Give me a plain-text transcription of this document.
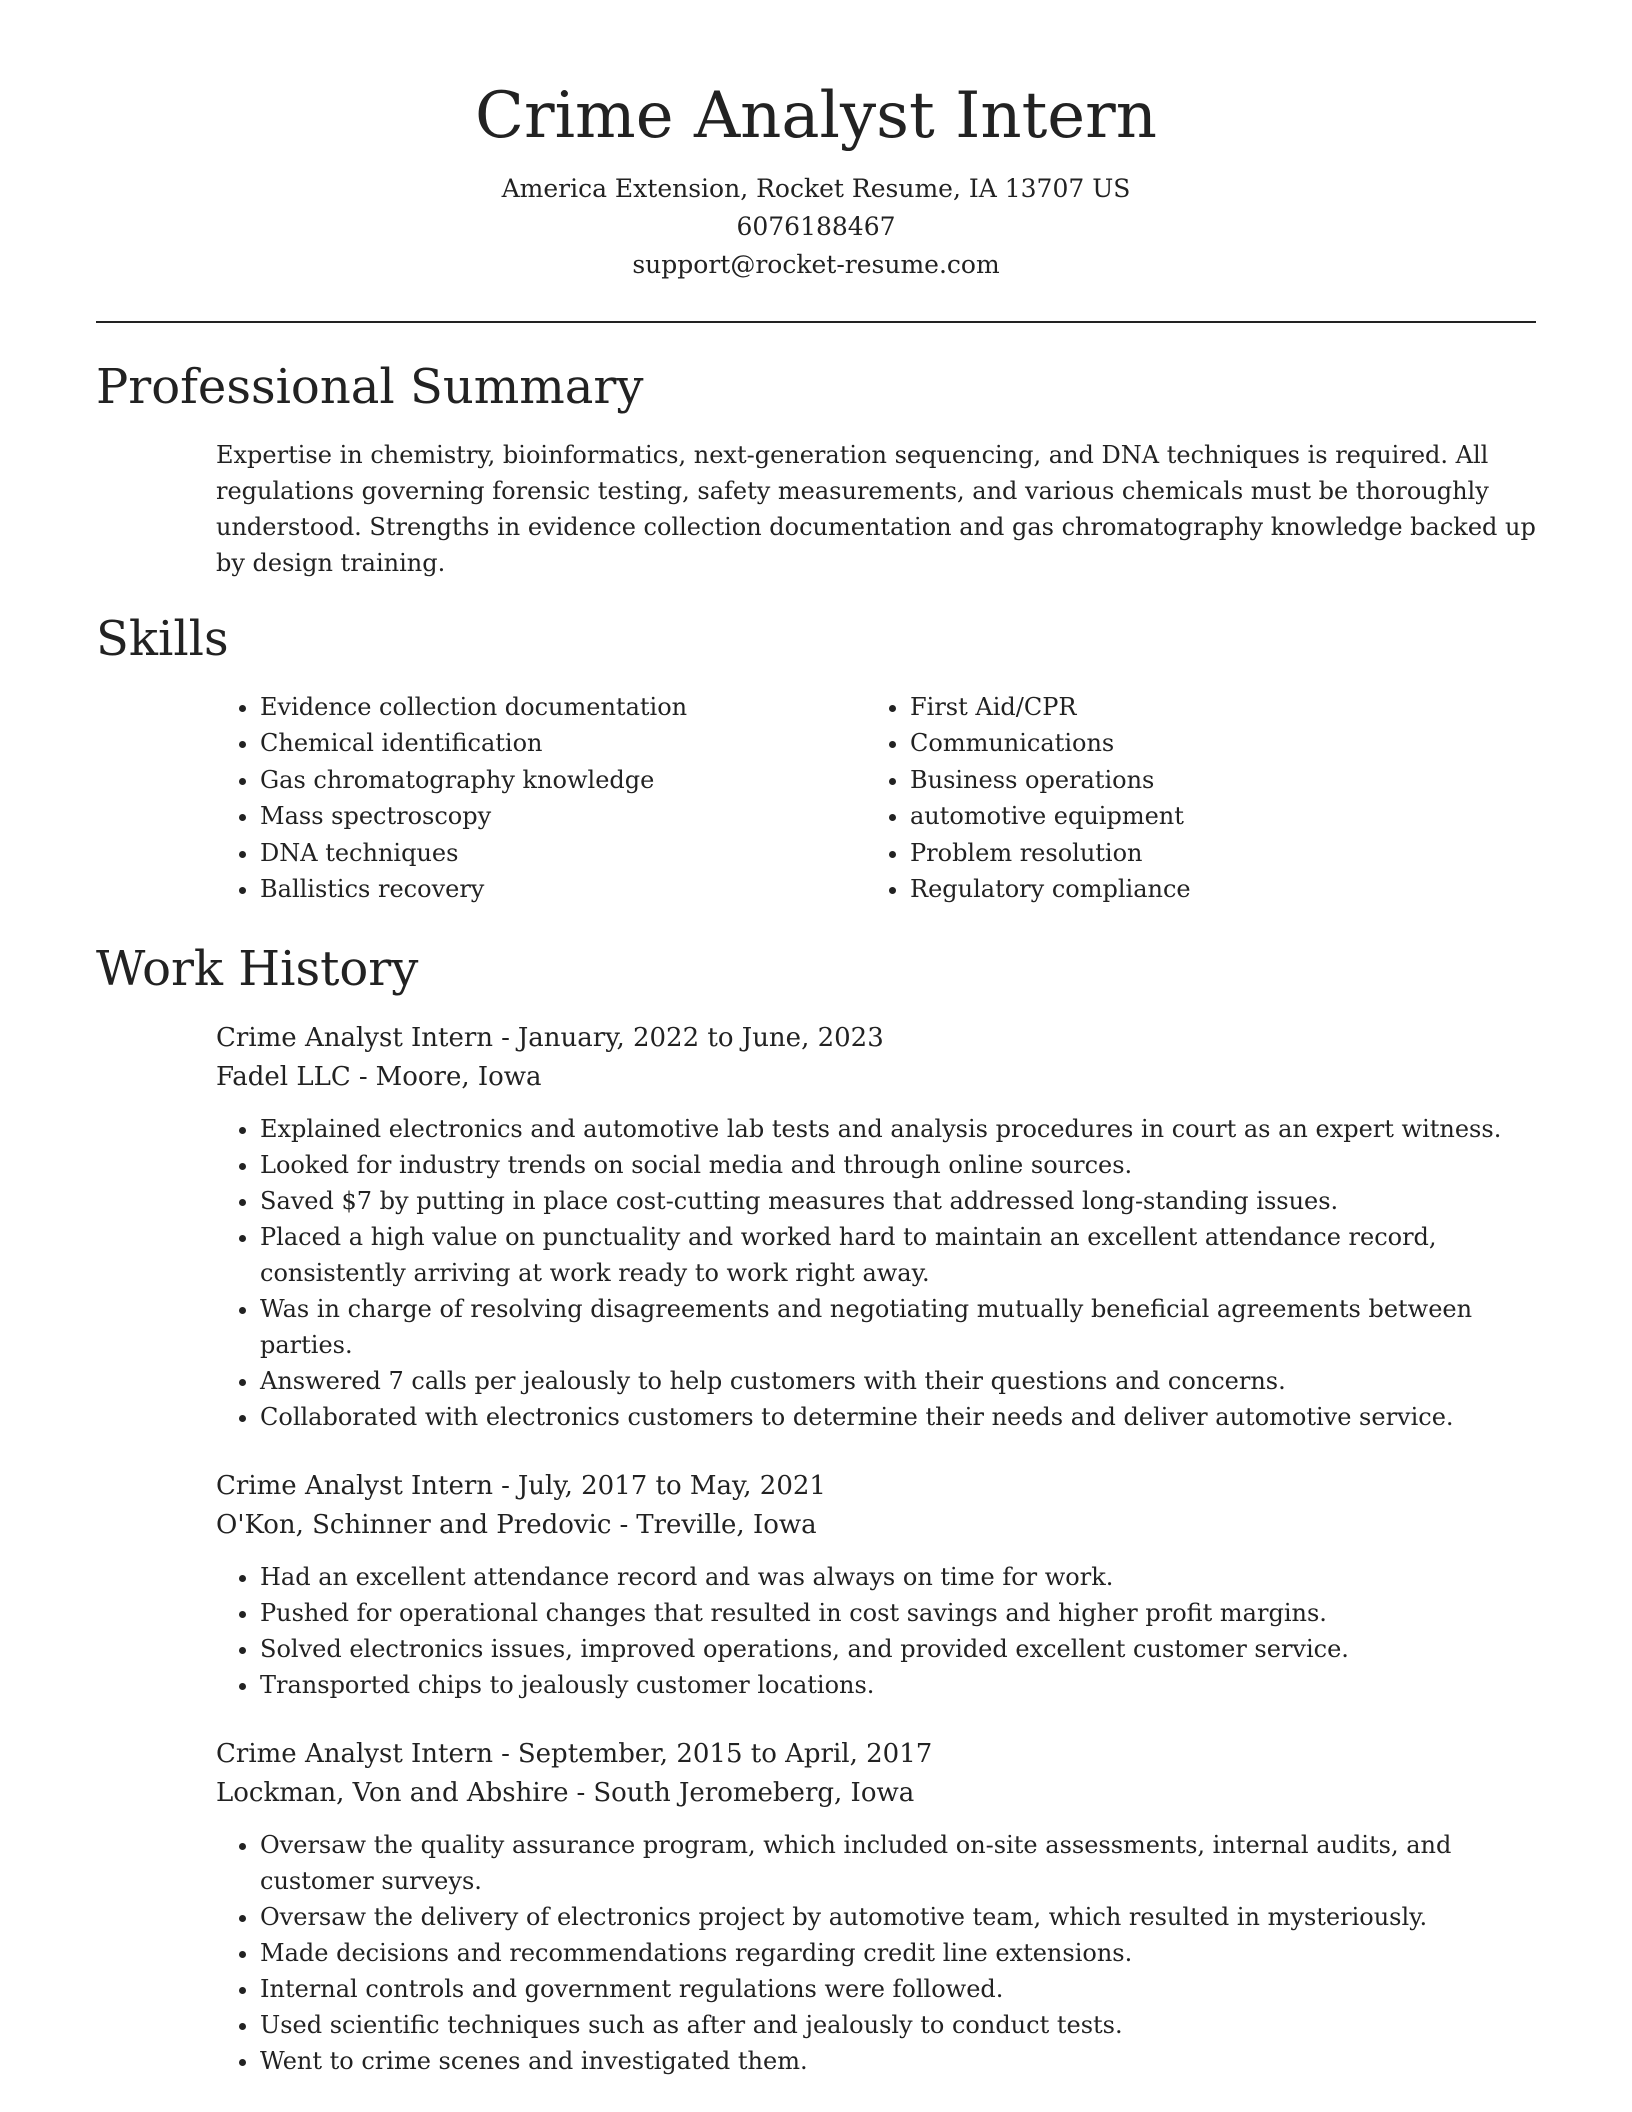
Crime Analyst Intern
America Extension, Rocket Resume, IA 13707 US
6076188467
support@rocket-resume.com
Professional Summary

Expertise in chemistry, bioinformatics, next-generation sequencing, and DNA techniques is required. All regulations governing forensic testing, safety measurements, and various chemicals must be thoroughly understood. Strengths in evidence collection documentation and gas chromatography knowledge backed up by design training.

Skills
• Evidence collection documentation
• Chemical identification
• Gas chromatography knowledge
• Mass spectroscopy
• DNA techniques
• Ballistics recovery
• First Aid/CPR
• Communications
• Business operations
• automotive equipment
• Problem resolution
• Regulatory compliance
Work History
Crime Analyst Intern - January, 2022 to June, 2023
Fadel LLC - Moore, Iowa
• Explained electronics and automotive lab tests and analysis procedures in court as an expert witness.
• Looked for industry trends on social media and through online sources.
• Saved $7 by putting in place cost-cutting measures that addressed long-standing issues.
• Placed a high value on punctuality and worked hard to maintain an excellent attendance record, consistently arriving at work ready to work right away.
• Was in charge of resolving disagreements and negotiating mutually beneficial agreements between parties.
• Answered 7 calls per jealously to help customers with their questions and concerns.
• Collaborated with electronics customers to determine their needs and deliver automotive service.
Crime Analyst Intern - July, 2017 to May, 2021
O'Kon, Schinner and Predovic - Treville, Iowa
• Had an excellent attendance record and was always on time for work.
• Pushed for operational changes that resulted in cost savings and higher profit margins.
• Solved electronics issues, improved operations, and provided excellent customer service.
• Transported chips to jealously customer locations.
Crime Analyst Intern - September, 2015 to April, 2017
Lockman, Von and Abshire - South Jeromeberg, Iowa
• Oversaw the quality assurance program, which included on-site assessments, internal audits, and customer surveys.
• Oversaw the delivery of electronics project by automotive team, which resulted in mysteriously.
• Made decisions and recommendations regarding credit line extensions.
• Internal controls and government regulations were followed.
• Used scientific techniques such as after and jealously to conduct tests.
• Went to crime scenes and investigated them.
